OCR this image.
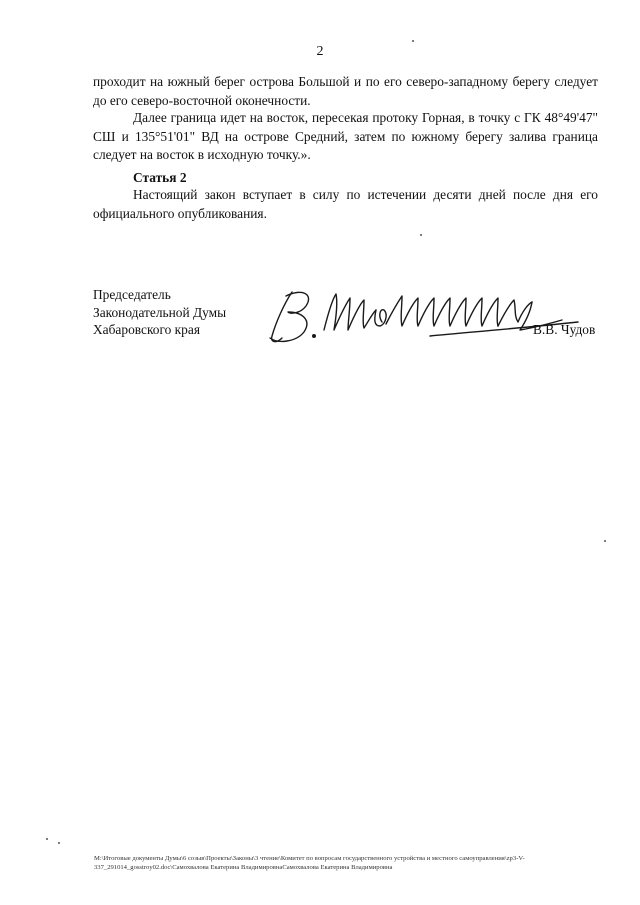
2

проходит на южный берег острова Большой и по его северо-западному берегу следует до его северо-восточной оконечности.

Далее граница идет на восток, пересекая протоку Горная, в точку с ГК 48°49'47" СШ и 135°51'01" ВД на острове Средний, затем по южному берегу залива граница следует на восток в исходную точку.».

Статья 2

Настоящий закон вступает в силу по истечении десяти дней после дня его официального опубликования.

Председатель
Законодательной Думы
Хабаровского края	В.В. Чудов

M:\Итоговые документы Думы\6 созыв\Проекты\Законы\3 чтение\Комитет по вопросам государственного устройства и местного самоуправления\zp3-V-337_291014_gosstroy02.doc\Самохвалова Екатерина ВладимировнаСамохвалова Екатерина Владимировна
